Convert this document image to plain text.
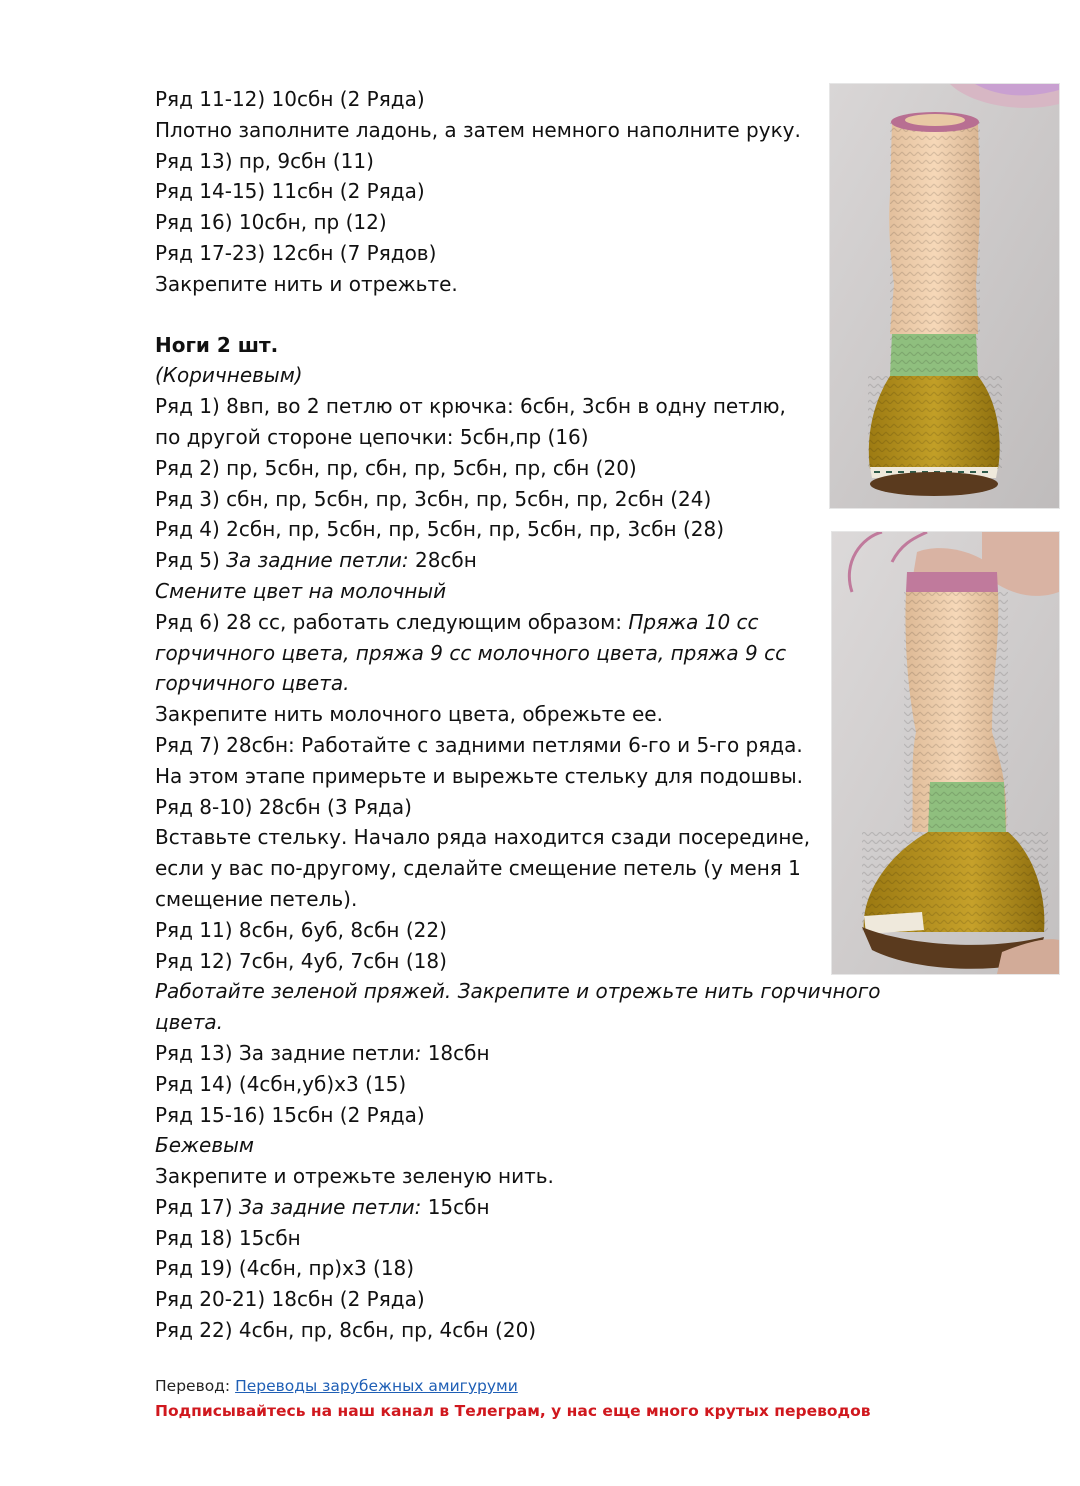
Ряд 11-12) 10сбн (2 Ряда)
Плотно заполните ладонь, а затем немного наполните руку.
Ряд 13) пр, 9сбн (11)
Ряд 14-15) 11сбн (2 Ряда)
Ряд 16) 10сбн, пр (12)
Ряд 17-23) 12сбн (7 Рядов)
Закрепите нить и отрежьте.
Ноги 2 шт.
(Коричневым)
Ряд 1) 8вп, во 2 петлю от крючка: 6сбн, 3сбн в одну петлю,
по другой стороне цепочки: 5сбн,пр (16)
Ряд 2) пр, 5сбн, пр, сбн, пр, 5сбн, пр, сбн (20)
Ряд 3) сбн, пр, 5сбн, пр, 3сбн, пр, 5сбн, пр, 2сбн (24)
Ряд 4) 2сбн, пр, 5сбн, пр, 5сбн, пр, 5сбн, пр, 3сбн (28)
Ряд 5) За задние петли: 28сбн
Смените цвет на молочный
Ряд 6) 28 сс, работать следующим образом: Пряжа 10 сс
горчичного цвета, пряжа 9 сс молочного цвета, пряжа 9 сс
горчичного цвета.
Закрепите нить молочного цвета, обрежьте ее.
Ряд 7) 28сбн: Работайте с задними петлями 6-го и 5-го ряда.
На этом этапе примерьте и вырежьте стельку для подошвы.
Ряд 8-10) 28сбн (3 Ряда)
Вставьте стельку. Начало ряда находится сзади посередине,
если у вас по-другому, сделайте смещение петель (у меня 1
смещение петель).
Ряд 11) 8сбн, 6уб, 8сбн (22)
Ряд 12) 7сбн, 4уб, 7сбн (18)
Работайте зеленой пряжей. Закрепите и отрежьте нить горчичного
цвета.
Ряд 13) За задние петли: 18сбн
Ряд 14) (4сбн,уб)x3 (15)
Ряд 15-16) 15сбн (2 Ряда)
Бежевым
Закрепите и отрежьте зеленую нить.
Ряд 17) За задние петли: 15сбн
Ряд 18) 15сбн
Ряд 19) (4сбн, пр)x3 (18)
Ряд 20-21) 18сбн (2 Ряда)
Ряд 22) 4сбн, пр, 8сбн, пр, 4сбн (20)
Перевод: Переводы зарубежных амигуруми
Подписывайтесь на наш канал в Телеграм, у нас еще много крутых переводов
